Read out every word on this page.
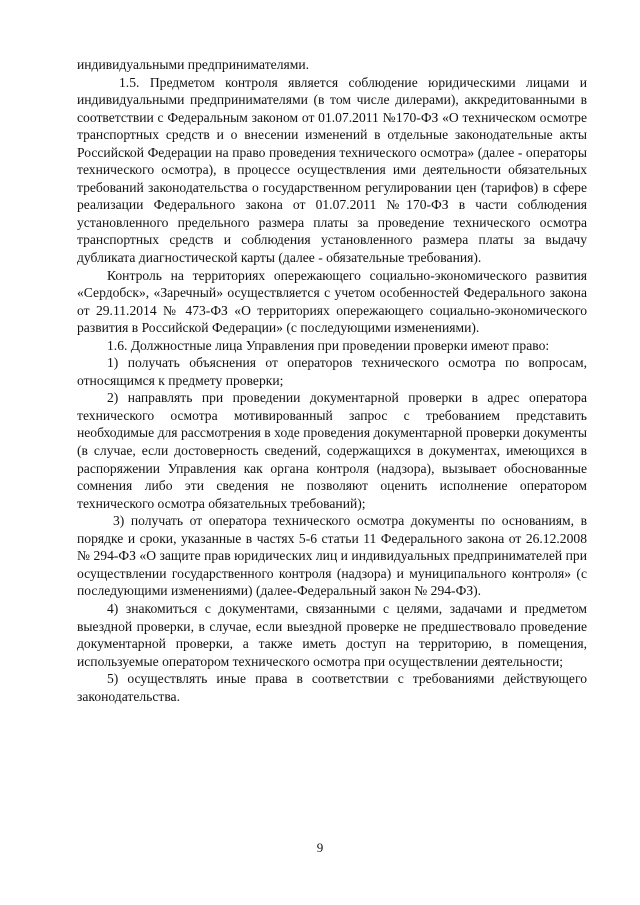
индивидуальными предпринимателями.

1.5. Предметом контроля является соблюдение юридическими лицами и индивидуальными предпринимателями (в том числе дилерами), аккредитованными в соответствии с Федеральным законом от 01.07.2011 №170-ФЗ «О техническом осмотре транспортных средств и о внесении изменений в отдельные законодательные акты Российской Федерации на право проведения технического осмотра» (далее - операторы технического осмотра), в процессе осуществления ими деятельности обязательных требований законодательства о государственном регулировании цен (тарифов) в сфере реализации Федерального закона от 01.07.2011 №170-ФЗ в части соблюдения установленного предельного размера платы за проведение технического осмотра транспортных средств и соблюдения установленного размера платы за выдачу дубликата диагностической карты (далее - обязательные требования).

Контроль на территориях опережающего социально-экономического развития «Сердобск», «Заречный» осуществляется с учетом особенностей Федерального закона от 29.11.2014 № 473-ФЗ «О территориях опережающего социально-экономического развития в Российской Федерации» (с последующими изменениями).

1.6. Должностные лица Управления при проведении проверки имеют право:

1) получать объяснения от операторов технического осмотра по вопросам, относящимся к предмету проверки;

2) направлять при проведении документарной проверки в адрес оператора технического осмотра мотивированный запрос с требованием представить необходимые для рассмотрения в ходе проведения документарной проверки документы (в случае, если достоверность сведений, содержащихся в документах, имеющихся в распоряжении Управления как органа контроля (надзора), вызывает обоснованные сомнения либо эти сведения не позволяют оценить исполнение оператором технического осмотра обязательных требований);

3) получать от оператора технического осмотра документы по основаниям, в порядке и сроки, указанные в частях 5-6 статьи 11 Федерального закона от 26.12.2008 № 294-ФЗ «О защите прав юридических лиц и индивидуальных предпринимателей при осуществлении государственного контроля (надзора) и муниципального контроля» (с последующими изменениями) (далее-Федеральный закон № 294-ФЗ).

4) знакомиться с документами, связанными с целями, задачами и предметом выездной проверки, в случае, если выездной проверке не предшествовало проведение документарной проверки, а также иметь доступ на территорию, в помещения, используемые оператором технического осмотра при осуществлении деятельности;

5) осуществлять иные права в соответствии с требованиями действующего законодательства.

9
